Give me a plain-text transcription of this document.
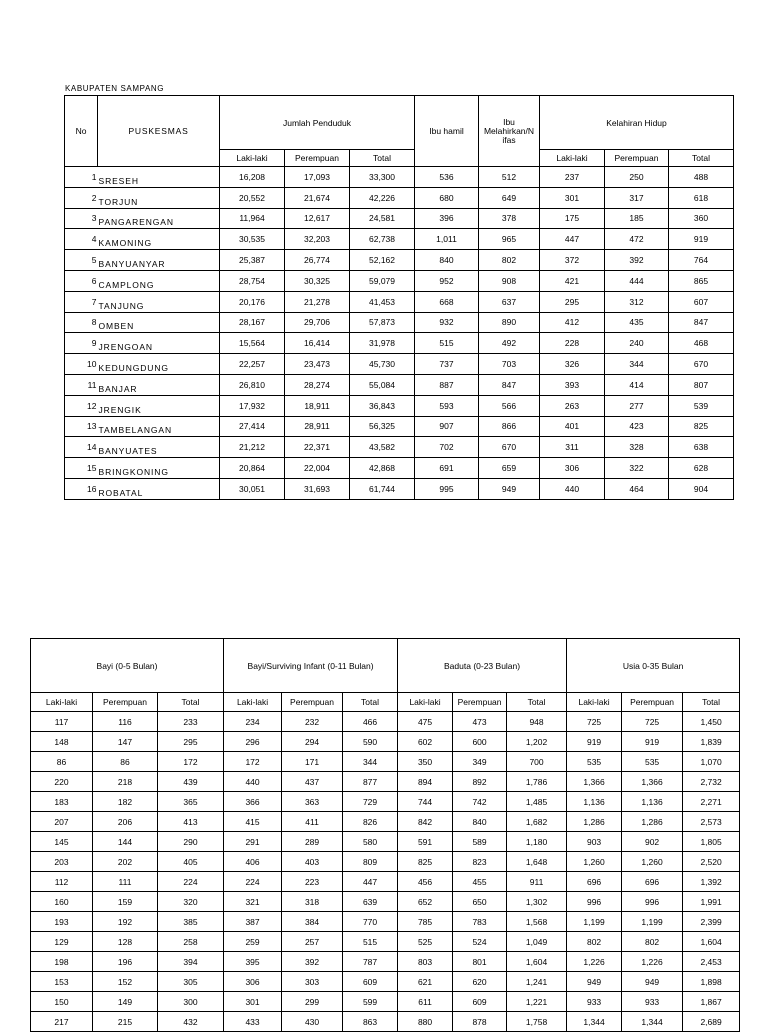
KABUPATEN SAMPANG
No	PUSKESMAS	Jumlah Penduduk			Ibu hamil	Ibu
Melahirkan/N
ifas	Kelahiran Hidup		
		Laki-laki	Perempuan	Total			Laki-laki	Perempuan	Total
1	SRESEH	16,208	17,093	33,300	536	512	237	250	488
2	TORJUN	20,552	21,674	42,226	680	649	301	317	618
3	PANGARENGAN	11,964	12,617	24,581	396	378	175	185	360
4	KAMONING	30,535	32,203	62,738	1,011	965	447	472	919
5	BANYUANYAR	25,387	26,774	52,162	840	802	372	392	764
6	CAMPLONG	28,754	30,325	59,079	952	908	421	444	865
7	TANJUNG	20,176	21,278	41,453	668	637	295	312	607
8	OMBEN	28,167	29,706	57,873	932	890	412	435	847
9	JRENGOAN	15,564	16,414	31,978	515	492	228	240	468
10	KEDUNGDUNG	22,257	23,473	45,730	737	703	326	344	670
11	BANJAR	26,810	28,274	55,084	887	847	393	414	807
12	JRENGIK	17,932	18,911	36,843	593	566	263	277	539
13	TAMBELANGAN	27,414	28,911	56,325	907	866	401	423	825
14	BANYUATES	21,212	22,371	43,582	702	670	311	328	638
15	BRINGKONING	20,864	22,004	42,868	691	659	306	322	628
16	ROBATAL	30,051	31,693	61,744	995	949	440	464	904
Bayi (0-5 Bulan)			Bayi/Surviving Infant (0-11 Bulan)			Baduta (0-23 Bulan)			Usia 0-35 Bulan		
Laki-laki	Perempuan	Total	Laki-laki	Perempuan	Total	Laki-laki	Perempuan	Total	Laki-laki	Perempuan	Total
117	116	233	234	232	466	475	473	948	725	725	1,450
148	147	295	296	294	590	602	600	1,202	919	919	1,839
86	86	172	172	171	344	350	349	700	535	535	1,070
220	218	439	440	437	877	894	892	1,786	1,366	1,366	2,732
183	182	365	366	363	729	744	742	1,485	1,136	1,136	2,271
207	206	413	415	411	826	842	840	1,682	1,286	1,286	2,573
145	144	290	291	289	580	591	589	1,180	903	902	1,805
203	202	405	406	403	809	825	823	1,648	1,260	1,260	2,520
112	111	224	224	223	447	456	455	911	696	696	1,392
160	159	320	321	318	639	652	650	1,302	996	996	1,991
193	192	385	387	384	770	785	783	1,568	1,199	1,199	2,399
129	128	258	259	257	515	525	524	1,049	802	802	1,604
198	196	394	395	392	787	803	801	1,604	1,226	1,226	2,453
153	152	305	306	303	609	621	620	1,241	949	949	1,898
150	149	300	301	299	599	611	609	1,221	933	933	1,867
217	215	432	433	430	863	880	878	1,758	1,344	1,344	2,689
